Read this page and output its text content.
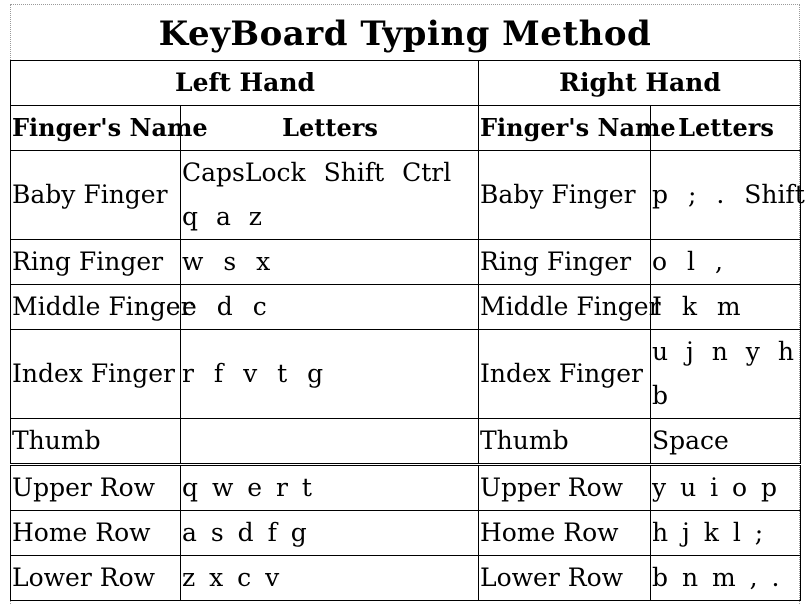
KeyBoard Typing Method
Left Hand		Right Hand	
Finger's Name	Letters	Finger's Name	Letters
Baby Finger	CapsLock Shift Ctrl q a z	Baby Finger	p ; . Shift
Ring Finger	w s x	Ring Finger	o l ,
Middle Finger	e d c	Middle Finger	I k m
Index Finger	r f v t g	Index Finger	u j n y h b
Thumb		Thumb	Space
Upper Row	q w e r t	Upper Row	y u i o p
Home Row	a s d f g	Home Row	h j k l ;
Lower Row	z x c v	Lower Row	b n m , .
